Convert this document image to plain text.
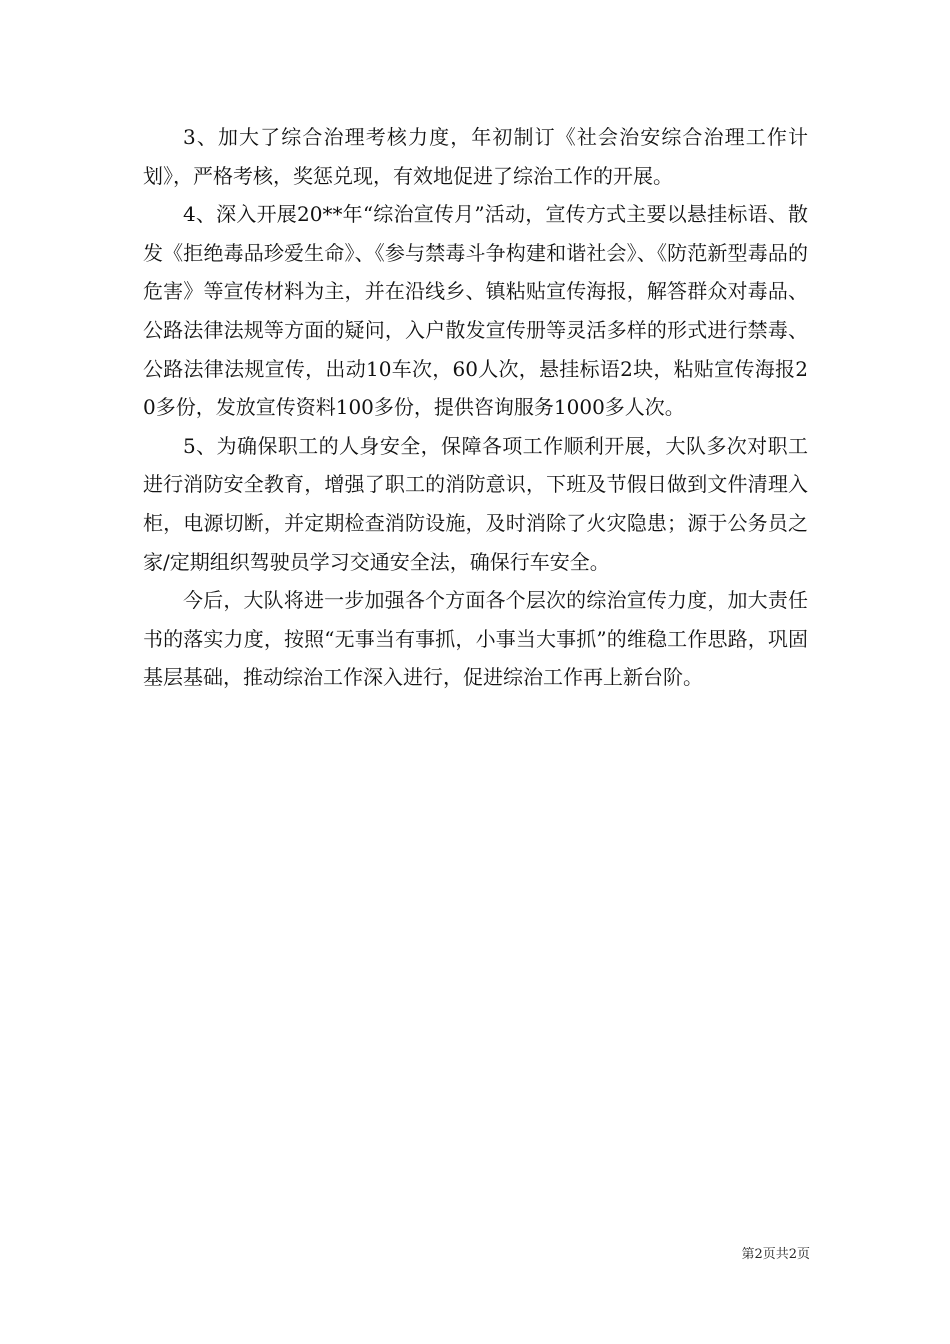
3、加大了综合治理考核力度，年初制订《社会治安综合治理工作计划》，严格考核，奖惩兑现，有效地促进了综治工作的开展。

4、深入开展20**年“综治宣传月”活动，宣传方式主要以悬挂标语、散发《拒绝毒品珍爱生命》、《参与禁毒斗争构建和谐社会》、《防范新型毒品的危害》等宣传材料为主，并在沿线乡、镇粘贴宣传海报，解答群众对毒品、公路法律法规等方面的疑问，入户散发宣传册等灵活多样的形式进行禁毒、公路法律法规宣传，出动10车次，60人次，悬挂标语2块，粘贴宣传海报20多份，发放宣传资料100多份，提供咨询服务1000多人次。

5、为确保职工的人身安全，保障各项工作顺利开展，大队多次对职工进行消防安全教育，增强了职工的消防意识，下班及节假日做到文件清理入柜，电源切断，并定期检查消防设施，及时消除了火灾隐患；源于公务员之家/定期组织驾驶员学习交通安全法，确保行车安全。

今后，大队将进一步加强各个方面各个层次的综治宣传力度，加大责任书的落实力度，按照“无事当有事抓，小事当大事抓”的维稳工作思路，巩固基层基础，推动综治工作深入进行，促进综治工作再上新台阶。

第2页共2页
